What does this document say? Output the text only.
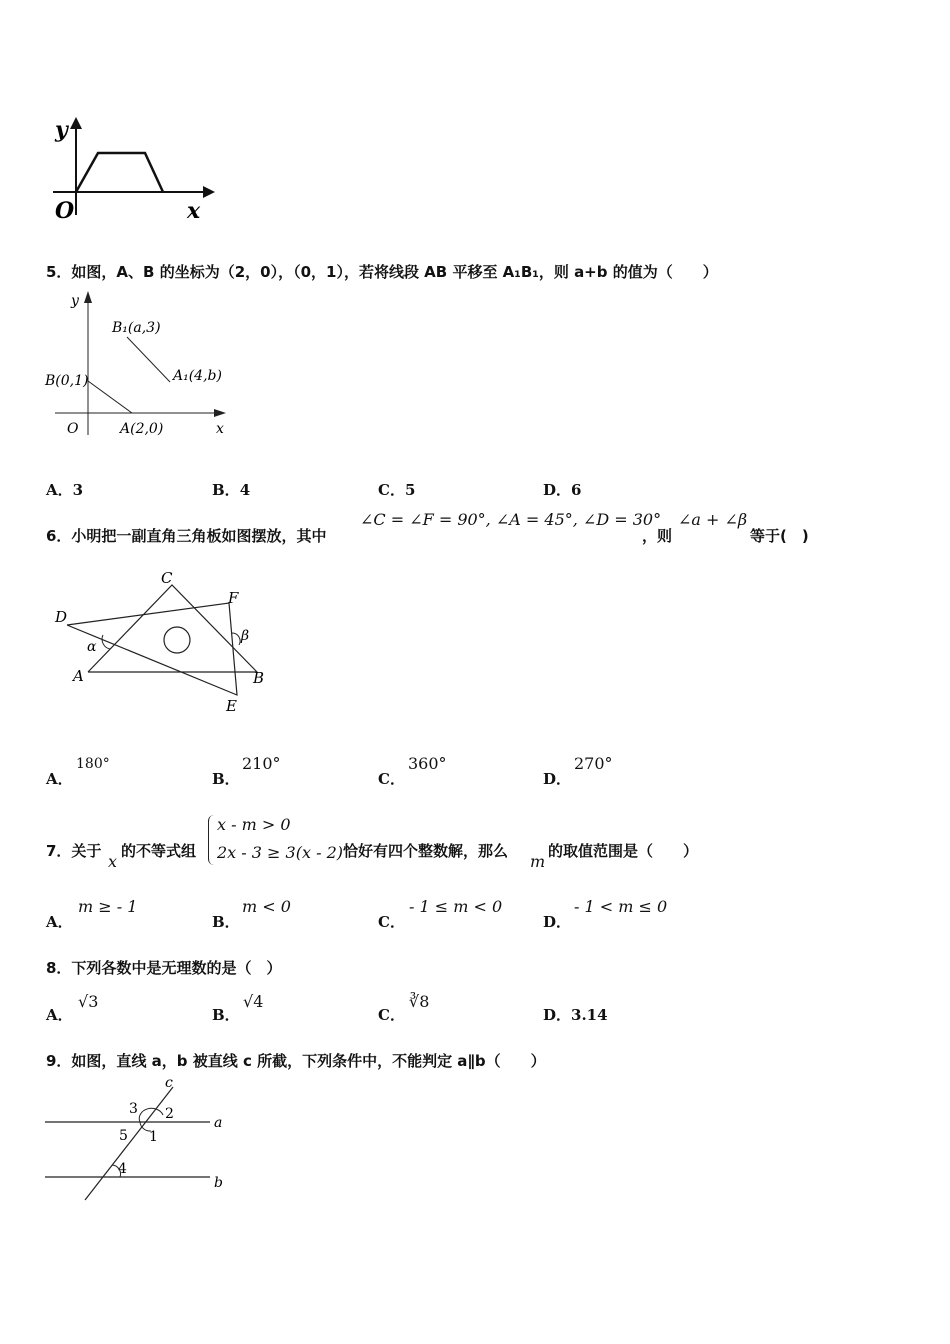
y
O	x
5．如图，A、B 的坐标为（2，0），（0，1），若将线段 AB 平移至 A₁B₁，则 a+b 的值为（　　）
y
x
O
B₁(a,3)
A₁(4,b)
B(0,1)
A(2,0)
A．3	B．4	C．5	D．6
6．小明把一副直角三角板如图摆放，其中
∠C = ∠F = 90°, ∠A = 45°, ∠D = 30°
，则
∠a + ∠β
等于(　)
C
F
D
α
β
A	B
E
A．
180°
B．
210°
C．
360°
D．
270°
7．关于
x
的不等式组
x - m > 0
2x - 3 ≥ 3(x - 2) 恰好有四个整数解，那么
m
的取值范围是（　　）
A．
m ≥ - 1
B．
m < 0
C．
- 1 ≤ m < 0
D．
- 1 < m ≤ 0
8．下列各数中是无理数的是（　）
A．
√3
B．
√4
C．
∛8
D．3.14
9．如图，直线 a，b 被直线 c 所截，下列条件中，不能判定 a∥b（　　）
c
a
b
3 2
5 1
4
